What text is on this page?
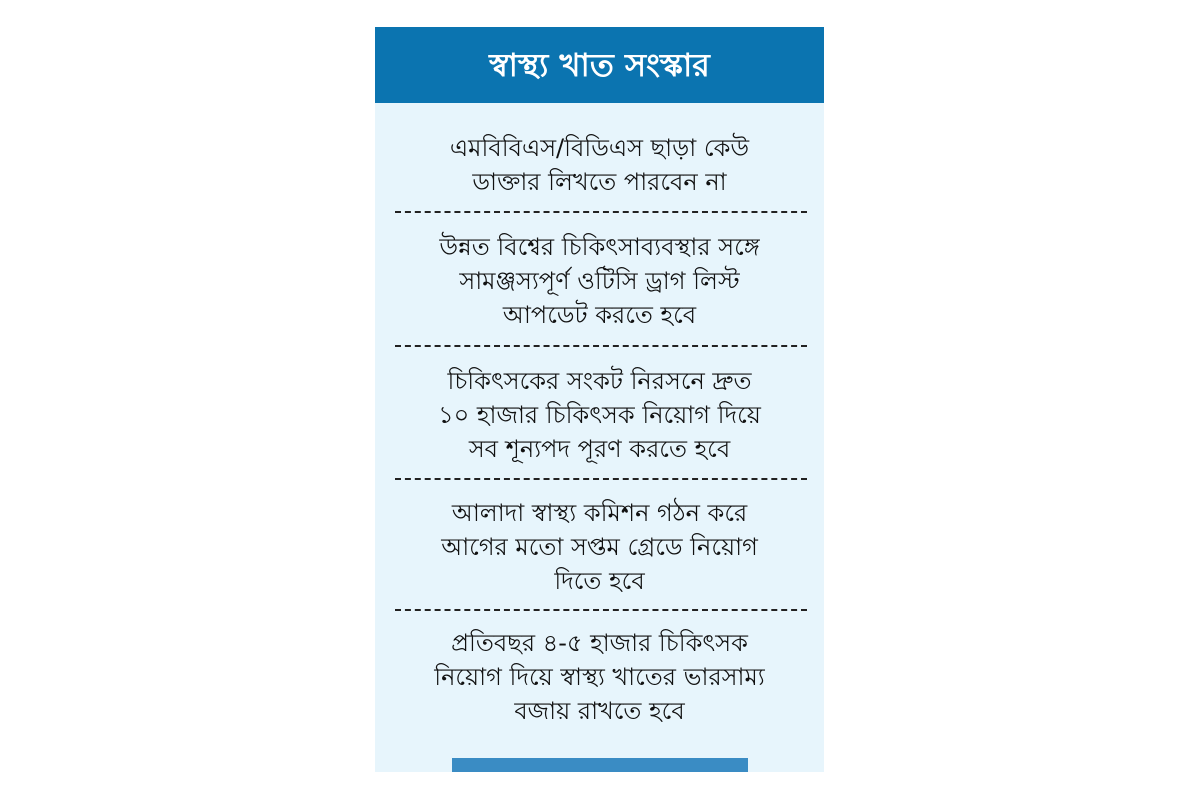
স্বাস্থ্য খাত সংস্কার
এমবিবিএস/বিডিএস ছাড়া কেউ
ডাক্তার লিখতে পারবেন না
উন্নত বিশ্বের চিকিৎসাব্যবস্থার সঙ্গে
সামঞ্জস্যপূর্ণ ওটিসি ড্রাগ লিস্ট
আপডেট করতে হবে
চিকিৎসকের সংকট নিরসনে দ্রুত
১০ হাজার চিকিৎসক নিয়োগ দিয়ে
সব শূন্যপদ পূরণ করতে হবে
আলাদা স্বাস্থ্য কমিশন গঠন করে
আগের মতো সপ্তম গ্রেডে নিয়োগ
দিতে হবে
প্রতিবছর ৪-৫ হাজার চিকিৎসক
নিয়োগ দিয়ে স্বাস্থ্য খাতের ভারসাম্য
বজায় রাখতে হবে
